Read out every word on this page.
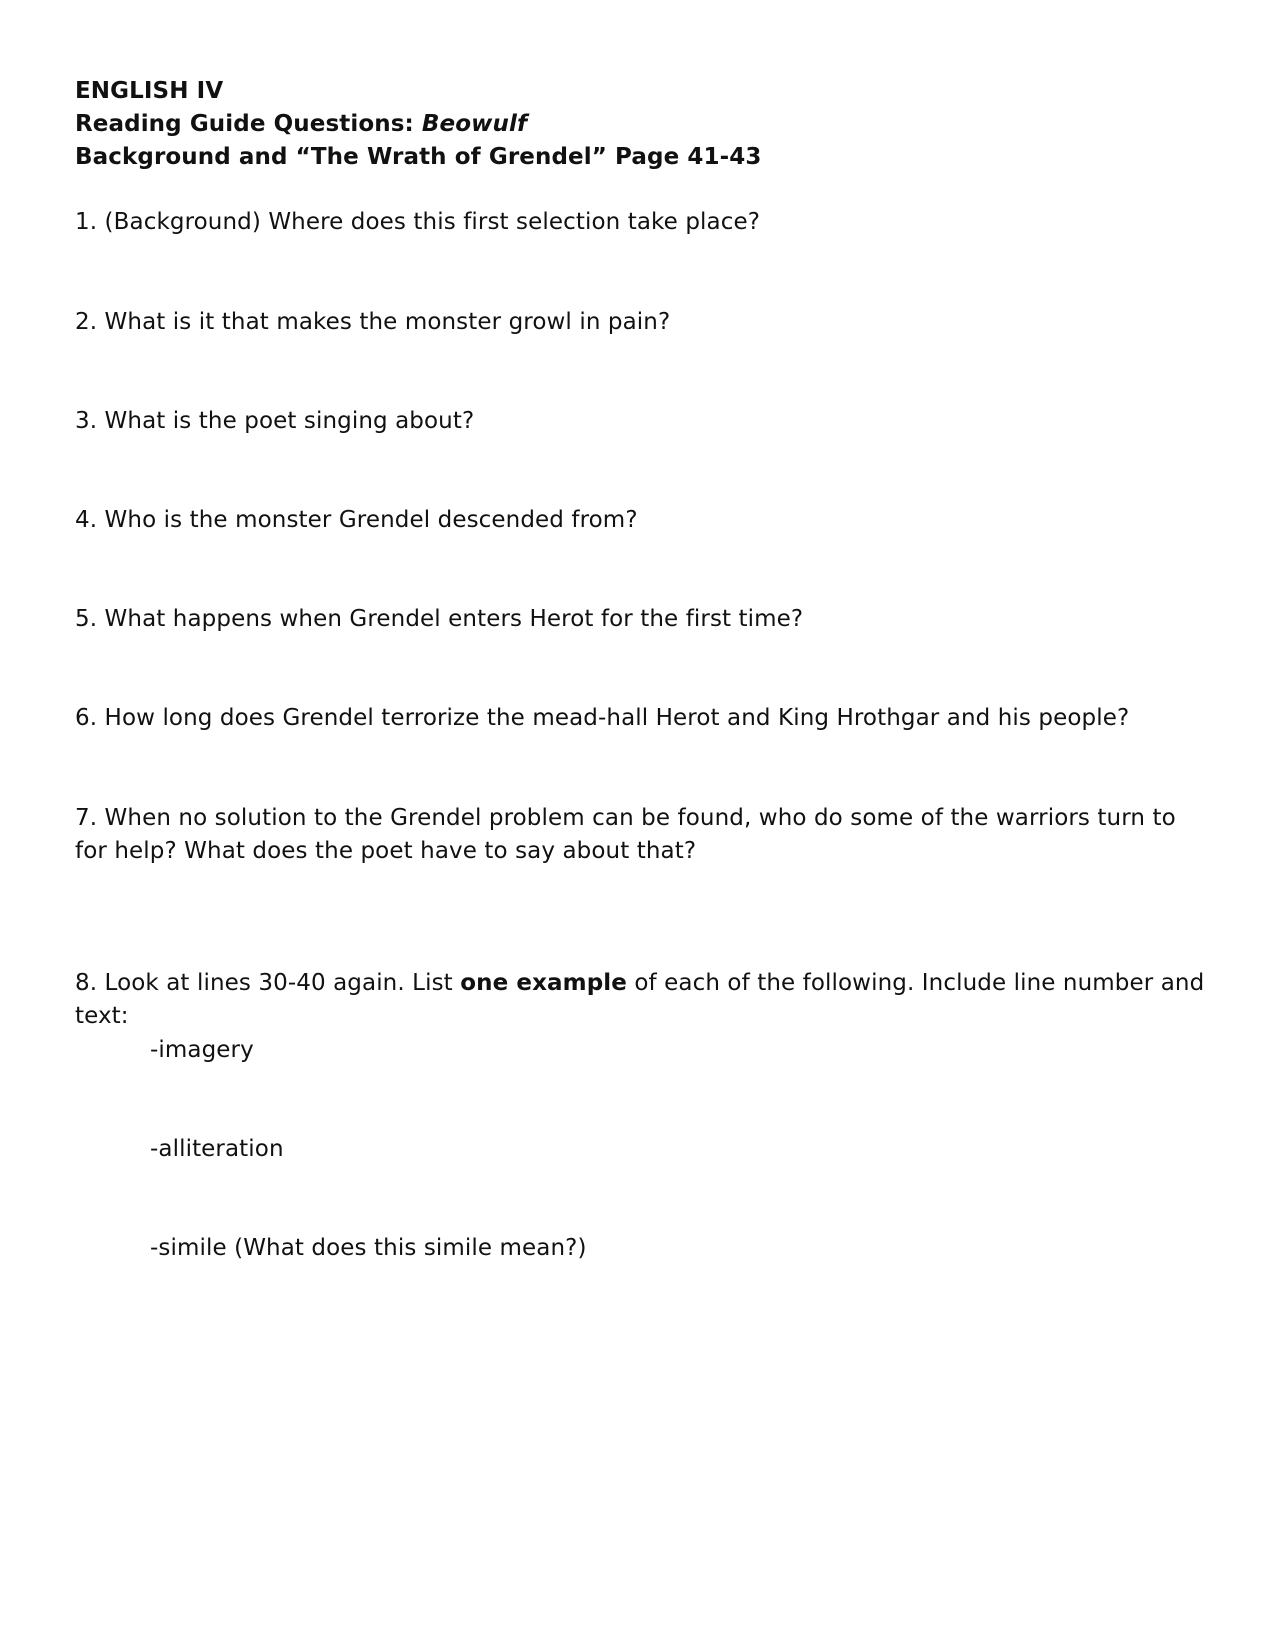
ENGLISH IV
Reading Guide Questions: Beowulf
Background and “The Wrath of Grendel” Page 41-43
1. (Background) Where does this first selection take place?
2. What is it that makes the monster growl in pain?
3. What is the poet singing about?
4. Who is the monster Grendel descended from?
5. What happens when Grendel enters Herot for the first time?
6. How long does Grendel terrorize the mead-hall Herot and King Hrothgar and his people?
7. When no solution to the Grendel problem can be found, who do some of the warriors turn to
for help? What does the poet have to say about that?
8. Look at lines 30-40 again. List one example of each of the following. Include line number and
text:
-imagery
-alliteration
-simile (What does this simile mean?)
